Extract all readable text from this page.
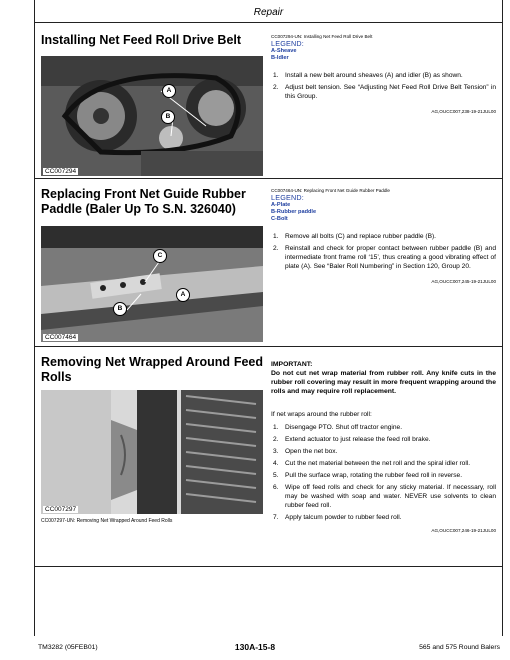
Repair
Installing Net Feed Roll Drive Belt
A
B
CC007294
CC007294-UN: Installing Net Feed Roll Drive Belt
LEGEND:
A-Sheave
B-Idler
1. Install a new belt around sheaves (A) and idler (B) as shown.
2. Adjust belt tension. See “Adjusting Net Feed Roll Drive Belt Tension” in this Group.
AG,OUCC007,238-19-21JUL00
Replacing Front Net Guide Rubber Paddle (Baler Up To S.N. 326040)
C
A
B
CC007464
CC007464-UN: Replacing Front Net Guide Rubber Paddle
LEGEND:
A-Plate
B-Rubber paddle
C-Bolt
1. Remove all bolts (C) and replace rubber paddle (B).
2. Reinstall and check for proper contact between rubber paddle (B) and intermediate front frame roll ‘15’, thus creating a good vibrating effect of plate (A). See “Baler Roll Numbering” in Section 120, Group 20.
AG,OUCC007,245-19-21JUL00
Removing Net Wrapped Around Feed Rolls
CC007297
CC007297-UN: Removing Net Wrapped Around Feed Rolls
IMPORTANT:
Do not cut net wrap material from rubber roll. Any knife cuts in the rubber roll covering may result in more frequent wrapping around the rolls and may require roll replacement.
If net wraps around the rubber roll:
1. Disengage PTO. Shut off tractor engine.
2. Extend actuator to just release the feed roll brake.
3. Open the net box.
4. Cut the net material between the net roll and the spiral idler roll.
5. Pull the surface wrap, rotating the rubber feed roll in reverse.
6. Wipe off feed rolls and check for any sticky material. If necessary, roll may be washed with soap and water. NEVER use solvents to clean rubber feed roll.
7. Apply talcum powder to rubber feed roll.
AG,OUCC007,246-19-21JUL00
TM3282 (05FEB01)	130A-15-8	565 and 575 Round Balers
